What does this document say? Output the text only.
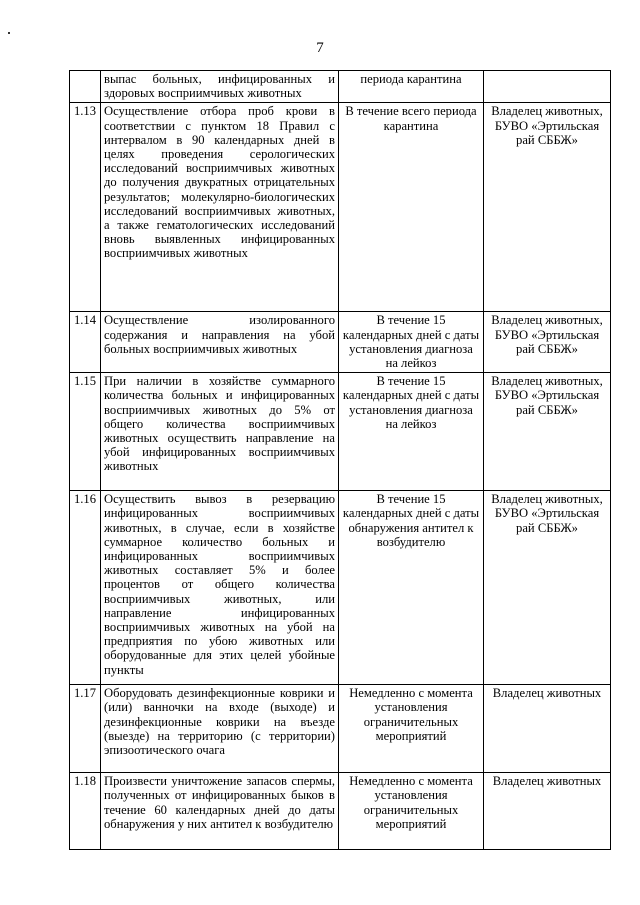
7
	выпас больных, инфицированных и здоровых восприимчивых животных	периода карантина	
1.13	Осуществление отбора проб крови в соответствии с пунктом 18 Правил с интервалом в 90 календарных дней в целях проведения серологических исследований восприимчивых животных до получения двукратных отрицательных результатов; молекулярно-биологических исследований восприимчивых животных, а также гематологических исследований вновь выявленных инфицированных восприимчивых животных	В течение всего периода карантина	Владелец животных, БУВО «Эртильская рай СББЖ»
1.14	Осуществление изолированного содержания и направления на убой больных восприимчивых животных	В течение 15 календарных дней с даты установления диагноза на лейкоз	Владелец животных, БУВО «Эртильская рай СББЖ»
1.15	При наличии в хозяйстве суммарного количества больных и инфицированных восприимчивых животных до 5% от общего количества восприимчивых животных осуществить направление на убой инфицированных восприимчивых животных	В течение 15 календарных дней с даты установления диагноза на лейкоз	Владелец животных, БУВО «Эртильская рай СББЖ»
1.16	Осуществить вывоз в резервацию инфицированных восприимчивых животных, в случае, если в хозяйстве суммарное количество больных и инфицированных восприимчивых животных составляет 5% и более процентов от общего количества восприимчивых животных, или направление инфицированных восприимчивых животных на убой на предприятия по убою животных или оборудованные для этих целей убойные пункты	В течение 15 календарных дней с даты обнаружения антител к возбудителю	Владелец животных, БУВО «Эртильская рай СББЖ»
1.17	Оборудовать дезинфекционные коврики и (или) ванночки на входе (выходе) и дезинфекционные коврики на въезде (выезде) на территорию (с территории) эпизоотического очага	Немедленно с момента установления ограничительных мероприятий	Владелец животных
1.18	Произвести уничтожение запасов спермы, полученных от инфицированных быков в течение 60 календарных дней до даты обнаружения у них антител к возбудителю	Немедленно с момента установления ограничительных мероприятий	Владелец животных
